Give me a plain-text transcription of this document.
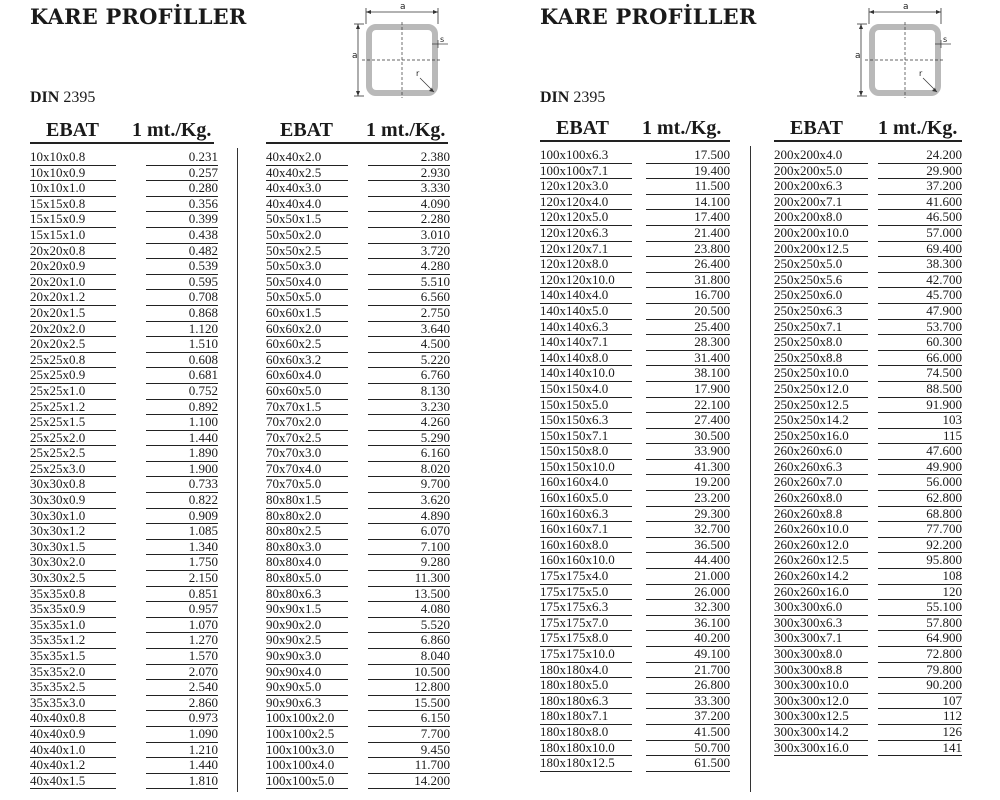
KARE PROFİLLER	a
a
s
r
DIN 2395
EBAT 1 mt./Kg.
10x10x0.8	0.231
10x10x0.9	0.257
10x10x1.0	0.280
15x15x0.8	0.356
15x15x0.9	0.399
15x15x1.0	0.438
20x20x0.8	0.482
20x20x0.9	0.539
20x20x1.0	0.595
20x20x1.2	0.708
20x20x1.5	0.868
20x20x2.0	1.120
20x20x2.5	1.510
25x25x0.8	0.608
25x25x0.9	0.681
25x25x1.0	0.752
25x25x1.2	0.892
25x25x1.5	1.100
25x25x2.0	1.440
25x25x2.5	1.890
25x25x3.0	1.900
30x30x0.8	0.733
30x30x0.9	0.822
30x30x1.0	0.909
30x30x1.2	1.085
30x30x1.5	1.340
30x30x2.0	1.750
30x30x2.5	2.150
35x35x0.8	0.851
35x35x0.9	0.957
35x35x1.0	1.070
35x35x1.2	1.270
35x35x1.5	1.570
35x35x2.0	2.070
35x35x2.5	2.540
35x35x3.0	2.860
40x40x0.8	0.973
40x40x0.9	1.090
40x40x1.0	1.210
40x40x1.2	1.440
40x40x1.5	1.810
EBAT 1 mt./Kg.
40x40x2.0	2.380
40x40x2.5	2.930
40x40x3.0	3.330
40x40x4.0	4.090
50x50x1.5	2.280
50x50x2.0	3.010
50x50x2.5	3.720
50x50x3.0	4.280
50x50x4.0	5.510
50x50x5.0	6.560
60x60x1.5	2.750
60x60x2.0	3.640
60x60x2.5	4.500
60x60x3.2	5.220
60x60x4.0	6.760
60x60x5.0	8.130
70x70x1.5	3.230
70x70x2.0	4.260
70x70x2.5	5.290
70x70x3.0	6.160
70x70x4.0	8.020
70x70x5.0	9.700
80x80x1.5	3.620
80x80x2.0	4.890
80x80x2.5	6.070
80x80x3.0	7.100
80x80x4.0	9.280
80x80x5.0	11.300
80x80x6.3	13.500
90x90x1.5	4.080
90x90x2.0	5.520
90x90x2.5	6.860
90x90x3.0	8.040
90x90x4.0	10.500
90x90x5.0	12.800
90x90x6.3	15.500
100x100x2.0	6.150
100x100x2.5	7.700
100x100x3.0	9.450
100x100x4.0	11.700
100x100x5.0	14.200
KARE PROFİLLER	a
a
s
r
DIN 2395
EBAT 1 mt./Kg.
100x100x6.3	17.500
100x100x7.1	19.400
120x120x3.0	11.500
120x120x4.0	14.100
120x120x5.0	17.400
120x120x6.3	21.400
120x120x7.1	23.800
120x120x8.0	26.400
120x120x10.0	31.800
140x140x4.0	16.700
140x140x5.0	20.500
140x140x6.3	25.400
140x140x7.1	28.300
140x140x8.0	31.400
140x140x10.0	38.100
150x150x4.0	17.900
150x150x5.0	22.100
150x150x6.3	27.400
150x150x7.1	30.500
150x150x8.0	33.900
150x150x10.0	41.300
160x160x4.0	19.200
160x160x5.0	23.200
160x160x6.3	29.300
160x160x7.1	32.700
160x160x8.0	36.500
160x160x10.0	44.400
175x175x4.0	21.000
175x175x5.0	26.000
175x175x6.3	32.300
175x175x7.0	36.100
175x175x8.0	40.200
175x175x10.0	49.100
180x180x4.0	21.700
180x180x5.0	26.800
180x180x6.3	33.300
180x180x7.1	37.200
180x180x8.0	41.500
180x180x10.0	50.700
180x180x12.5	61.500
EBAT 1 mt./Kg.
200x200x4.0	24.200
200x200x5.0	29.900
200x200x6.3	37.200
200x200x7.1	41.600
200x200x8.0	46.500
200x200x10.0	57.000
200x200x12.5	69.400
250x250x5.0	38.300
250x250x5.6	42.700
250x250x6.0	45.700
250x250x6.3	47.900
250x250x7.1	53.700
250x250x8.0	60.300
250x250x8.8	66.000
250x250x10.0	74.500
250x250x12.0	88.500
250x250x12.5	91.900
250x250x14.2	103
250x250x16.0	115
260x260x6.0	47.600
260x260x6.3	49.900
260x260x7.0	56.000
260x260x8.0	62.800
260x260x8.8	68.800
260x260x10.0	77.700
260x260x12.0	92.200
260x260x12.5	95.800
260x260x14.2	108
260x260x16.0	120
300x300x6.0	55.100
300x300x6.3	57.800
300x300x7.1	64.900
300x300x8.0	72.800
300x300x8.8	79.800
300x300x10.0	90.200
300x300x12.0	107
300x300x12.5	112
300x300x14.2	126
300x300x16.0	141
